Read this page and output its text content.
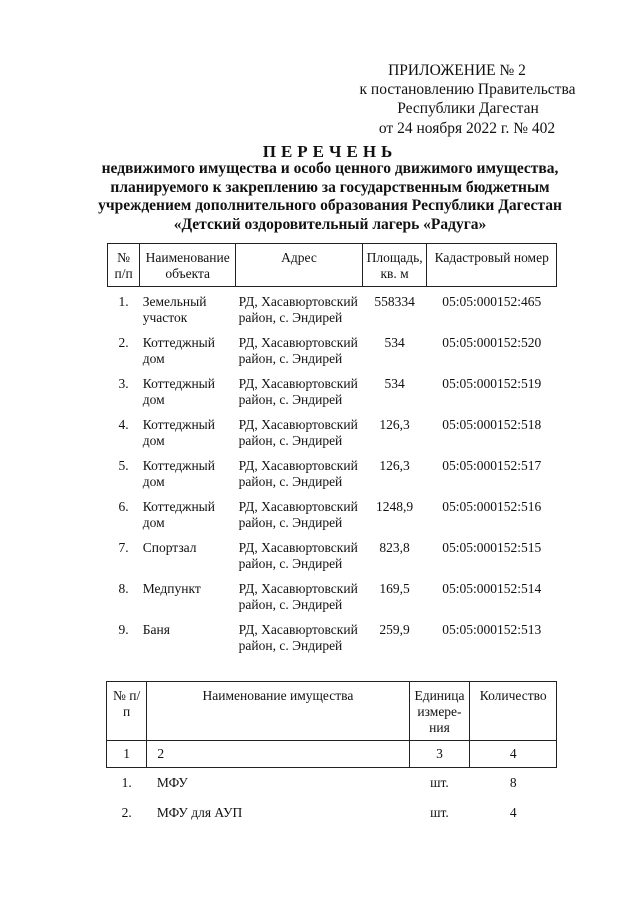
ПРИЛОЖЕНИЕ № 2
к постановлению Правительства
Республики Дагестан
от 24 ноября 2022 г. № 402
ПЕРЕЧЕНЬ
недвижимого имущества и особо ценного движимого имущества,
планируемого к закреплению за государственным бюджетным
учреждением дополнительного образования Республики Дагестан
«Детский оздоровительный лагерь «Радуга»
№ п/п	Наименование объекта	Адрес	Площадь, кв. м	Кадастровый номер
1.	Земельный участок	РД, Хасавюртовский район, с. Эндирей	558334	05:05:000152:465
2.	Коттеджный дом	РД, Хасавюртовский район, с. Эндирей	534	05:05:000152:520
3.	Коттеджный дом	РД, Хасавюртовский район, с. Эндирей	534	05:05:000152:519
4.	Коттеджный дом	РД, Хасавюртовский район, с. Эндирей	126,3	05:05:000152:518
5.	Коттеджный дом	РД, Хасавюртовский район, с. Эндирей	126,3	05:05:000152:517
6.	Коттеджный дом	РД, Хасавюртовский район, с. Эндирей	1248,9	05:05:000152:516
7.	Спортзал	РД, Хасавюртовский район, с. Эндирей	823,8	05:05:000152:515
8.	Медпункт	РД, Хасавюртовский район, с. Эндирей	169,5	05:05:000152:514
9.	Баня	РД, Хасавюртовский район, с. Эндирей	259,9	05:05:000152:513
№ п/п	Наименование имущества	Единица измере-ния	Количество
1	2	3	4
1.	МФУ	шт.	8
2.	МФУ для АУП	шт.	4
